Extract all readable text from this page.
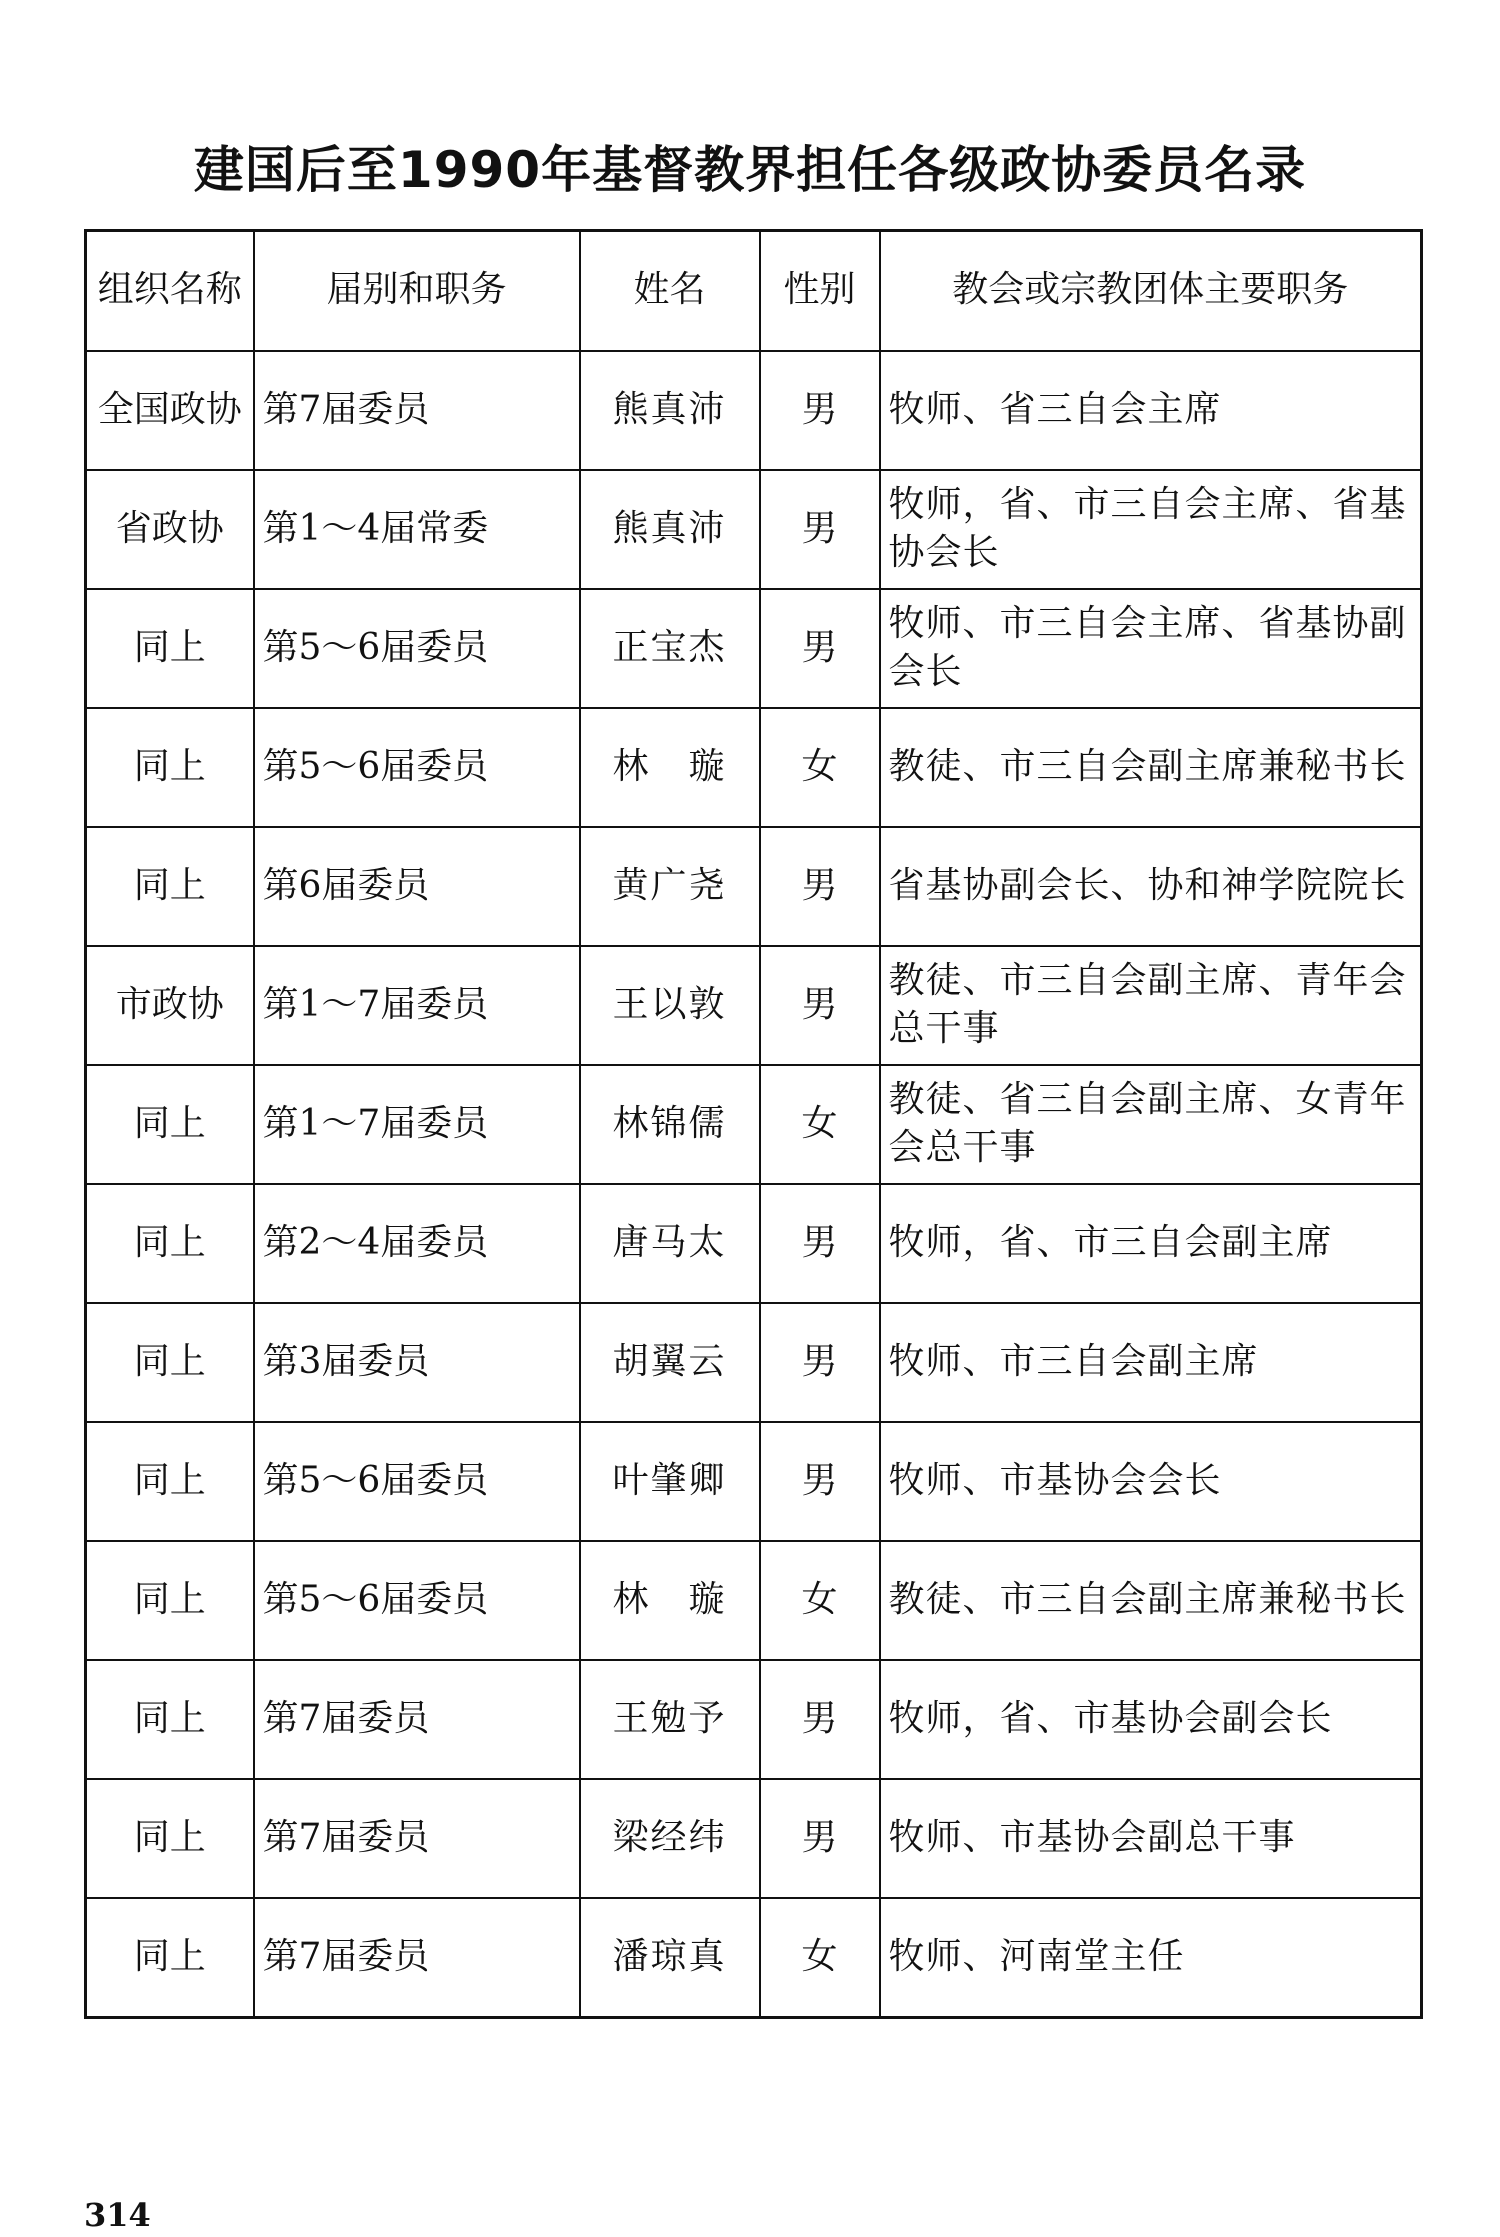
建国后至1990年基督教界担任各级政协委员名录
组织名称	届别和职务	姓名	性别	教会或宗教团体主要职务
全国政协	第7届委员	熊真沛	男	牧师、省三自会主席
省政协	第1～4届常委	熊真沛	男	牧师，省、市三自会主席、省基协会长
同上	第5～6届委员	正宝杰	男	牧师、市三自会主席、省基协副会长
同上	第5～6届委员	林　璇	女	教徒、市三自会副主席兼秘书长
同上	第6届委员	黄广尧	男	省基协副会长、协和神学院院长
市政协	第1～7届委员	王以敦	男	教徒、市三自会副主席、青年会总干事
同上	第1～7届委员	林锦儒	女	教徒、省三自会副主席、女青年会总干事
同上	第2～4届委员	唐马太	男	牧师，省、市三自会副主席
同上	第3届委员	胡翼云	男	牧师、市三自会副主席
同上	第5～6届委员	叶肇卿	男	牧师、市基协会会长
同上	第5～6届委员	林　璇	女	教徒、市三自会副主席兼秘书长
同上	第7届委员	王勉予	男	牧师，省、市基协会副会长
同上	第7届委员	梁经纬	男	牧师、市基协会副总干事
同上	第7届委员	潘琼真	女	牧师、河南堂主任
314
